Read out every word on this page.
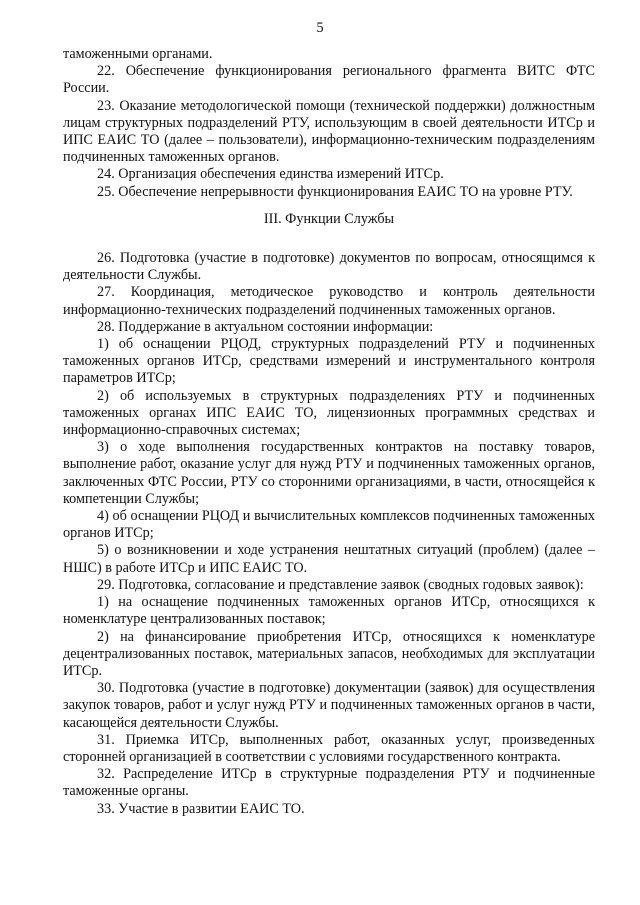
5

таможенными органами.

22. Обеспечение функционирования регионального фрагмента ВИТС ФТС России.

23. Оказание методологической помощи (технической поддержки) должностным лицам структурных подразделений РТУ, использующим в своей деятельности ИТСр и ИПС ЕАИС ТО (далее – пользователи), информационно-техническим подразделениям подчиненных таможенных органов.

24. Организация обеспечения единства измерений ИТСр.

25. Обеспечение непрерывности функционирования ЕАИС ТО на уровне РТУ.

III. Функции Службы

26. Подготовка (участие в подготовке) документов по вопросам, относящимся к деятельности Службы.

27. Координация, методическое руководство и контроль деятельности информационно-технических подразделений подчиненных таможенных органов.

28. Поддержание в актуальном состоянии информации:

1) об оснащении РЦОД, структурных подразделений РТУ и подчиненных таможенных органов ИТСр, средствами измерений и инструментального контроля параметров ИТСр;

2) об используемых в структурных подразделениях РТУ и подчиненных таможенных органах ИПС ЕАИС ТО, лицензионных программных средствах и информационно-справочных системах;

3) о ходе выполнения государственных контрактов на поставку товаров, выполнение работ, оказание услуг для нужд РТУ и подчиненных таможенных органов, заключенных ФТС России, РТУ со сторонними организациями, в части, относящейся к компетенции Службы;

4) об оснащении РЦОД и вычислительных комплексов подчиненных таможенных органов ИТСр;

5) о возникновении и ходе устранения нештатных ситуаций (проблем) (далее – НШС) в работе ИТСр и ИПС ЕАИС ТО.

29. Подготовка, согласование и представление заявок (сводных годовых заявок):

1) на оснащение подчиненных таможенных органов ИТСр, относящихся к номенклатуре централизованных поставок;

2) на финансирование приобретения ИТСр, относящихся к номенклатуре децентрализованных поставок, материальных запасов, необходимых для эксплуатации ИТСр.

30. Подготовка (участие в подготовке) документации (заявок) для осуществления закупок товаров, работ и услуг нужд РТУ и подчиненных таможенных органов в части, касающейся деятельности Службы.

31. Приемка ИТСр, выполненных работ, оказанных услуг, произведенных сторонней организацией в соответствии с условиями государственного контракта.

32. Распределение ИТСр в структурные подразделения РТУ и подчиненные таможенные органы.

33. Участие в развитии ЕАИС ТО.
